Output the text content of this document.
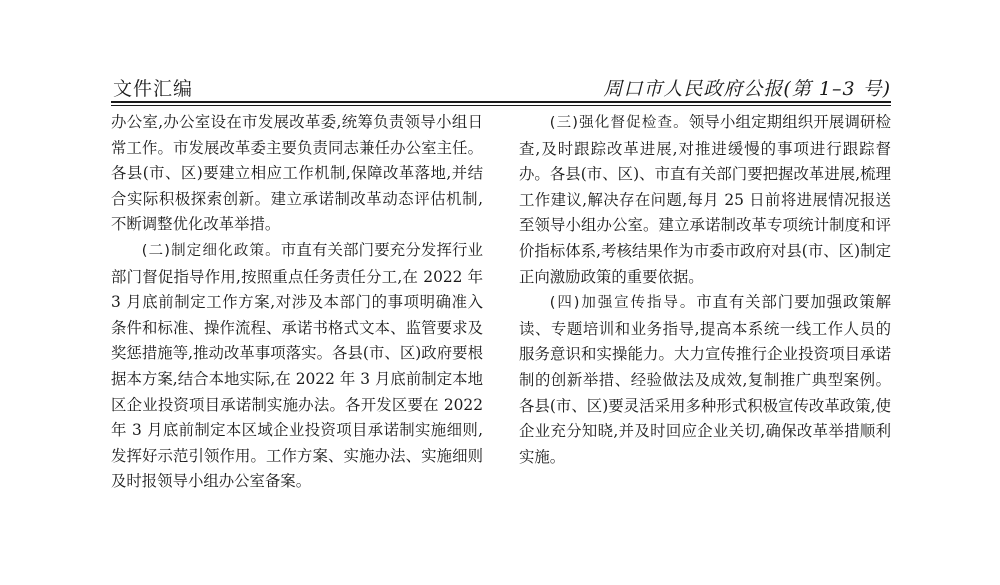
文件汇编	周口市人民政府公报(第 1–3 号)

办公室,办公室设在市发展改革委,统筹负责领导小组日常工作。市发展改革委主要负责同志兼任办公室主任。各县(市、区)要建立相应工作机制,保障改革落地,并结合实际积极探索创新。建立承诺制改革动态评估机制,不断调整优化改革举措。

(二)制定细化政策。市直有关部门要充分发挥行业部门督促指导作用,按照重点任务责任分工,在 2022 年 3 月底前制定工作方案,对涉及本部门的事项明确准入条件和标准、操作流程、承诺书格式文本、监管要求及奖惩措施等,推动改革事项落实。各县(市、区)政府要根据本方案,结合本地实际,在 2022 年 3 月底前制定本地区企业投资项目承诺制实施办法。各开发区要在 2022 年 3 月底前制定本区域企业投资项目承诺制实施细则,发挥好示范引领作用。工作方案、实施办法、实施细则及时报领导小组办公室备案。

(三)强化督促检查。领导小组定期组织开展调研检查,及时跟踪改革进展,对推进缓慢的事项进行跟踪督办。各县(市、区)、市直有关部门要把握改革进展,梳理工作建议,解决存在问题,每月 25 日前将进展情况报送至领导小组办公室。建立承诺制改革专项统计制度和评价指标体系,考核结果作为市委市政府对县(市、区)制定正向激励政策的重要依据。

(四)加强宣传指导。市直有关部门要加强政策解读、专题培训和业务指导,提高本系统一线工作人员的服务意识和实操能力。大力宣传推行企业投资项目承诺制的创新举措、经验做法及成效,复制推广典型案例。各县(市、区)要灵活采用多种形式积极宣传改革政策,使企业充分知晓,并及时回应企业关切,确保改革举措顺利实施。
